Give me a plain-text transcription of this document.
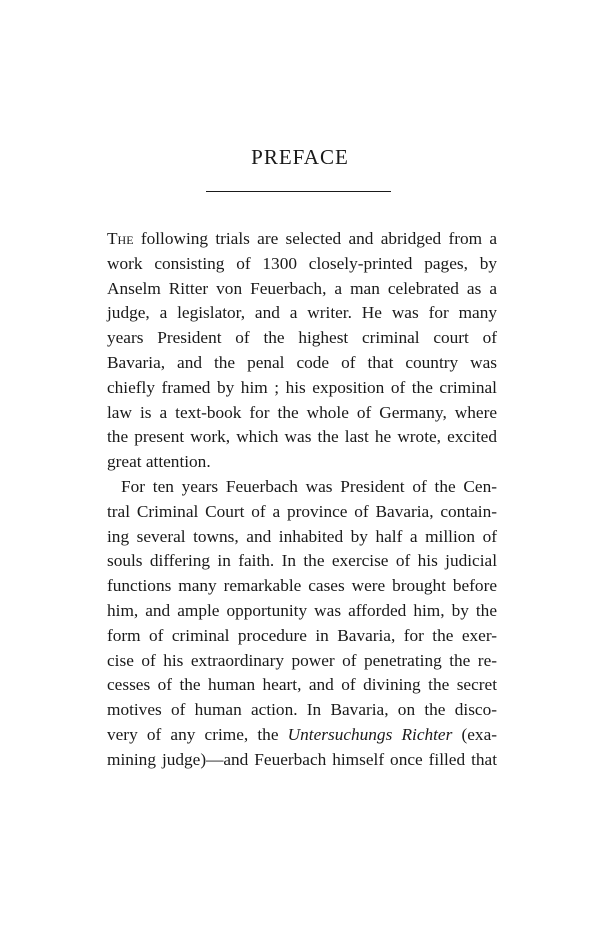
PREFACE
The following trials are selected and abridged from a
work consisting of 1300 closely-printed pages, by
Anselm Ritter von Feuerbach, a man celebrated as a
judge, a legislator, and a writer. He was for many
years President of the highest criminal court of
Bavaria, and the penal code of that country was
chiefly framed by him ; his exposition of the criminal
law is a text-book for the whole of Germany, where
the present work, which was the last he wrote, excited
great attention.
For ten years Feuerbach was President of the Cen-
tral Criminal Court of a province of Bavaria, contain-
ing several towns, and inhabited by half a million of
souls differing in faith. In the exercise of his judicial
functions many remarkable cases were brought before
him, and ample opportunity was afforded him, by the
form of criminal procedure in Bavaria, for the exer-
cise of his extraordinary power of penetrating the re-
cesses of the human heart, and of divining the secret
motives of human action. In Bavaria, on the disco-
very of any crime, the Untersuchungs Richter (exa-
mining judge)—and Feuerbach himself once filled that
